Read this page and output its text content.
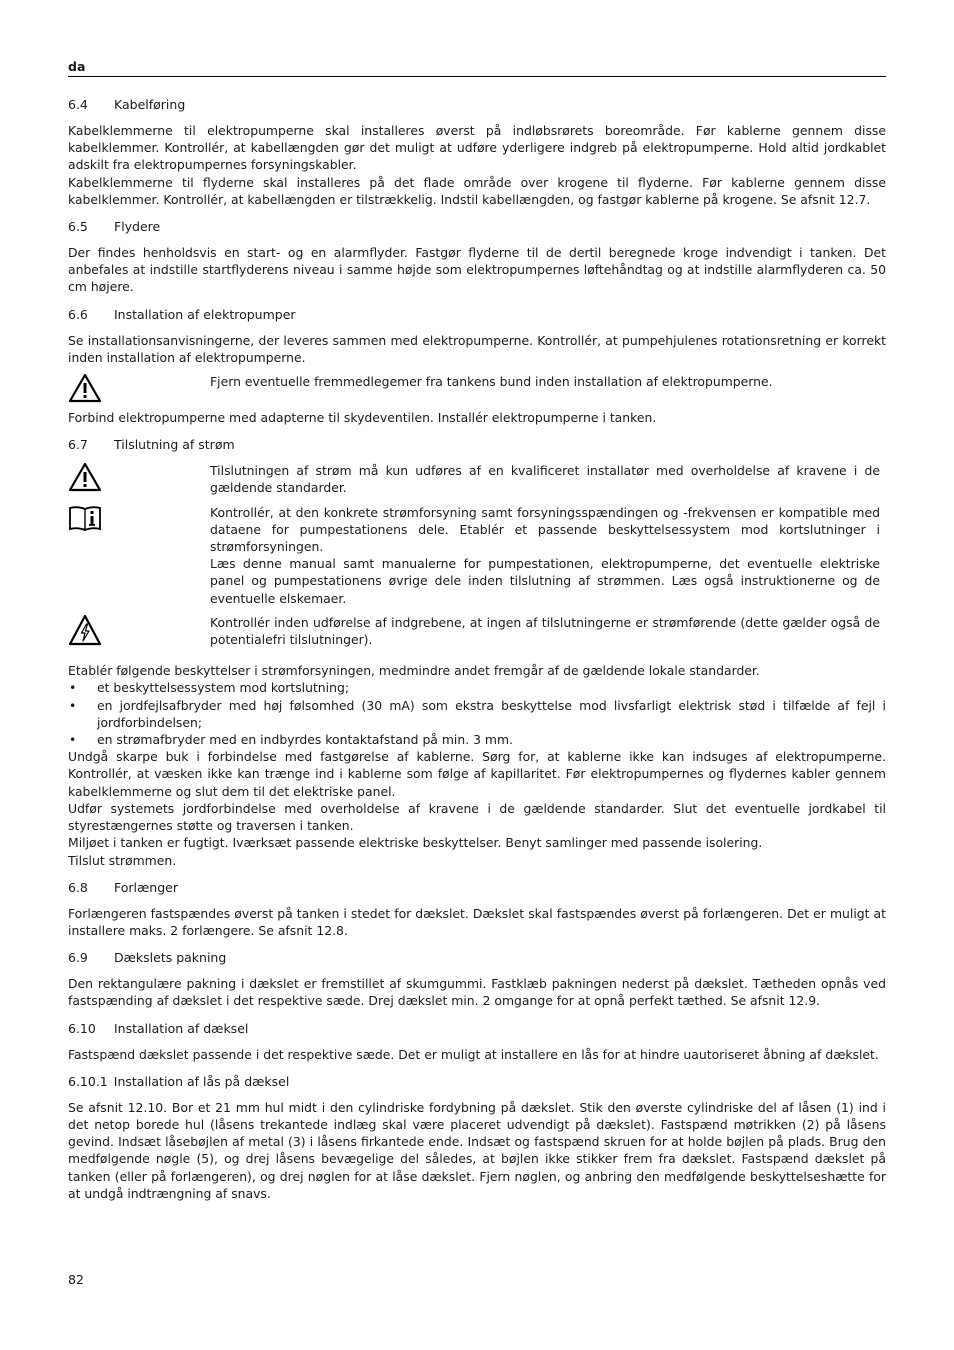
da
6.4 Kabelføring

Kabelklemmerne til elektropumperne skal installeres øverst på indløbsrørets boreområde. Før kablerne gennem disse kabelklemmer. Kontrollér, at kabellængden gør det muligt at udføre yderligere indgreb på elektropumperne. Hold altid jordkablet adskilt fra elektropumpernes forsyningskabler.

Kabelklemmerne til flyderne skal installeres på det flade område over krogene til flyderne. Før kablerne gennem disse kabelklemmer. Kontrollér, at kabellængden er tilstrækkelig. Indstil kabellængden, og fastgør kablerne på krogene. Se afsnit 12.7.

6.5 Flydere

Der findes henholdsvis en start- og en alarmflyder. Fastgør flyderne til de dertil beregnede kroge indvendigt i tanken. Det anbefales at indstille startflyderens niveau i samme højde som elektropumpernes løftehåndtag og at indstille alarmflyderen ca. 50 cm højere.

6.6 Installation af elektropumper

Se installationsanvisningerne, der leveres sammen med elektropumperne. Kontrollér, at pumpehjulenes rotationsretning er korrekt inden installation af elektropumperne.

Fjern eventuelle fremmedlegemer fra tankens bund inden installation af elektropumperne.

Forbind elektropumperne med adapterne til skydeventilen. Installér elektropumperne i tanken.

6.7 Tilslutning af strøm

Tilslutningen af strøm må kun udføres af en kvalificeret installatør med overholdelse af kravene i de gældende standarder.

Kontrollér, at den konkrete strømforsyning samt forsyningsspændingen og -frekvensen er kompatible med dataene for pumpestationens dele. Etablér et passende beskyttelsessystem mod kortslutninger i strømforsyningen.

Læs denne manual samt manualerne for pumpestationen, elektropumperne, det eventuelle elektriske panel og pumpestationens øvrige dele inden tilslutning af strømmen. Læs også instruktionerne og de eventuelle elskemaer.

Kontrollér inden udførelse af indgrebene, at ingen af tilslutningerne er strømførende (dette gælder også de potentialefri tilslutninger).

Etablér følgende beskyttelser i strømforsyningen, medmindre andet fremgår af de gældende lokale standarder.

• et beskyttelsessystem mod kortslutning;
• en jordfejlsafbryder med høj følsomhed (30 mA) som ekstra beskyttelse mod livsfarligt elektrisk stød i tilfælde af fejl i jordforbindelsen;
• en strømafbryder med en indbyrdes kontaktafstand på min. 3 mm.

Undgå skarpe buk i forbindelse med fastgørelse af kablerne. Sørg for, at kablerne ikke kan indsuges af elektropumperne. Kontrollér, at væsken ikke kan trænge ind i kablerne som følge af kapillaritet. Før elektropumpernes og flydernes kabler gennem kabelklemmerne og slut dem til det elektriske panel.

Udfør systemets jordforbindelse med overholdelse af kravene i de gældende standarder. Slut det eventuelle jordkabel til styrestængernes støtte og traversen i tanken.

Miljøet i tanken er fugtigt. Iværksæt passende elektriske beskyttelser. Benyt samlinger med passende isolering.

Tilslut strømmen.

6.8 Forlænger

Forlængeren fastspændes øverst på tanken i stedet for dækslet. Dækslet skal fastspændes øverst på forlængeren. Det er muligt at installere maks. 2 forlængere. Se afsnit 12.8.

6.9 Dækslets pakning

Den rektangulære pakning i dækslet er fremstillet af skumgummi. Fastklæb pakningen nederst på dækslet. Tætheden opnås ved fastspænding af dækslet i det respektive sæde. Drej dækslet min. 2 omgange for at opnå perfekt tæthed. Se afsnit 12.9.

6.10 Installation af dæksel

Fastspænd dækslet passende i det respektive sæde. Det er muligt at installere en lås for at hindre uautoriseret åbning af dækslet.

6.10.1 Installation af lås på dæksel

Se afsnit 12.10. Bor et 21 mm hul midt i den cylindriske fordybning på dækslet. Stik den øverste cylindriske del af låsen (1) ind i det netop borede hul (låsens trekantede indlæg skal være placeret udvendigt på dækslet). Fastspænd møtrikken (2) på låsens gevind. Indsæt låsebøjlen af metal (3) i låsens firkantede ende. Indsæt og fastspænd skruen for at holde bøjlen på plads. Brug den medfølgende nøgle (5), og drej låsens bevægelige del således, at bøjlen ikke stikker frem fra dækslet. Fastspænd dækslet på tanken (eller på forlængeren), og drej nøglen for at låse dækslet. Fjern nøglen, og anbring den medfølgende beskyttelseshætte for at undgå indtrængning af snavs.

82
